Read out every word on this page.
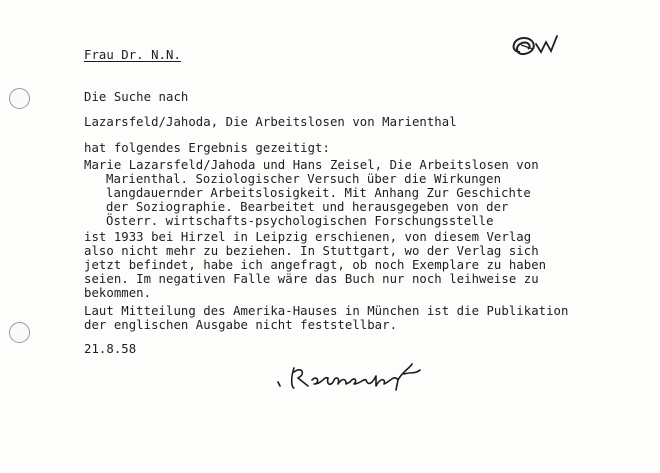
Frau Dr. N.N.
Die Suche nach
Lazarsfeld/Jahoda, Die Arbeitslosen von Marienthal
hat folgendes Ergebnis gezeitigt:
Marie Lazarsfeld/Jahoda und Hans Zeisel, Die Arbeitslosen von
Marienthal. Soziologischer Versuch über die Wirkungen
langdauernder Arbeitslosigkeit. Mit Anhang Zur Geschichte
der Soziographie. Bearbeitet und herausgegeben von der
Österr. wirtschafts-psychologischen Forschungsstelle
ist 1933 bei Hirzel in Leipzig erschienen, von diesem Verlag
also nicht mehr zu beziehen. In Stuttgart, wo der Verlag sich
jetzt befindet, habe ich angefragt, ob noch Exemplare zu haben
seien. Im negativen Falle wäre das Buch nur noch leihweise zu
bekommen.
Laut Mitteilung des Amerika-Hauses in München ist die Publikation
der englischen Ausgabe nicht feststellbar.
21.8.58
